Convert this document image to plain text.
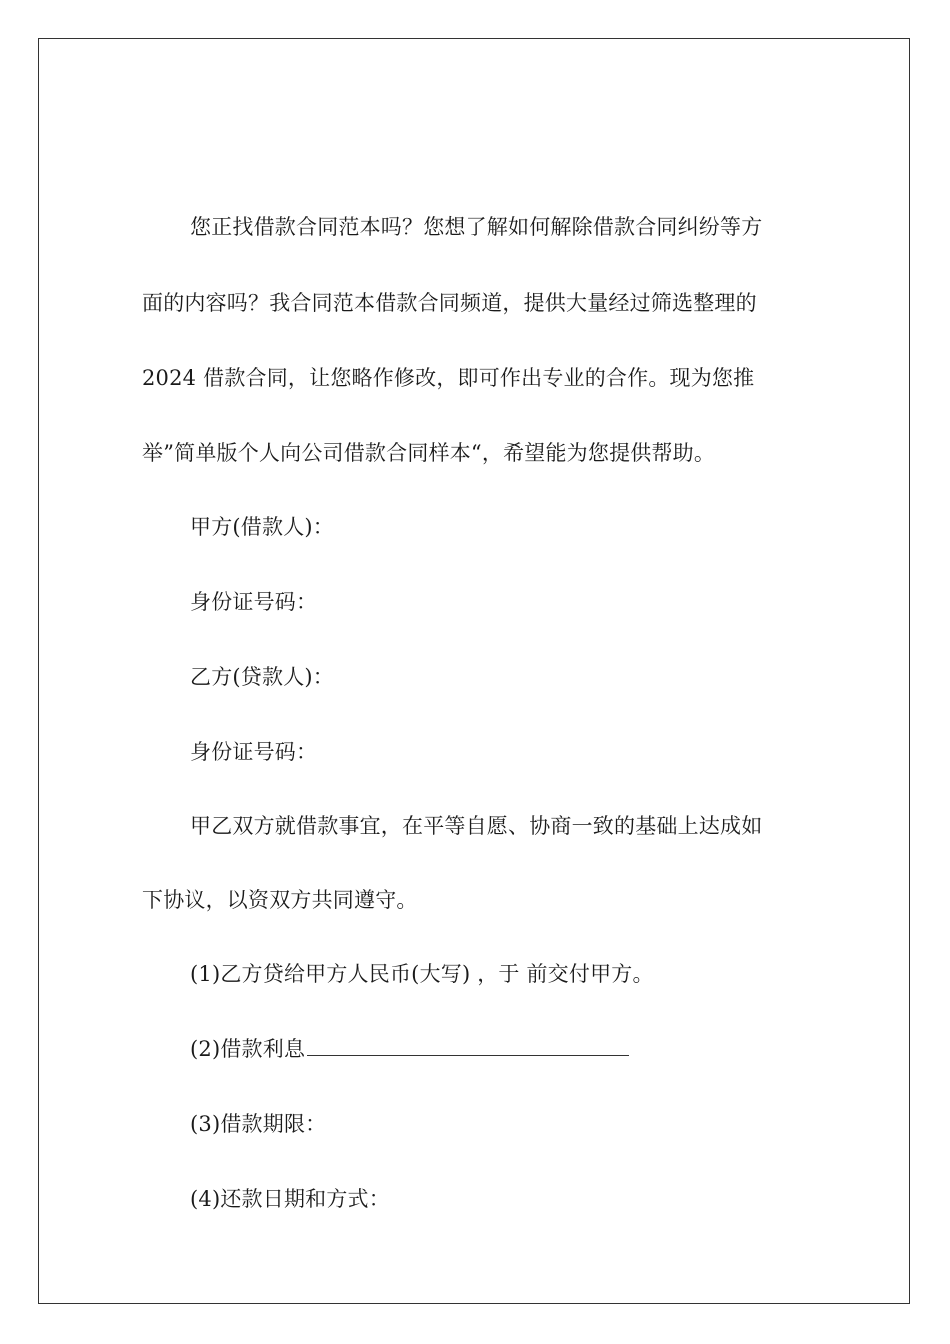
您正找借款合同范本吗？您想了解如何解除借款合同纠纷等方
面的内容吗？我合同范本借款合同频道，提供大量经过筛选整理的
2024 借款合同，让您略作修改，即可作出专业的合作。现为您推
举”简单版个人向公司借款合同样本“，希望能为您提供帮助。
甲方(借款人)：
身份证号码：
乙方(贷款人)：
身份证号码：
甲乙双方就借款事宜，在平等自愿、协商一致的基础上达成如
下协议，以资双方共同遵守。
(1)乙方贷给甲方人民币(大写) ，于 前交付甲方。
(2)借款利息
(3)借款期限：
(4)还款日期和方式：
